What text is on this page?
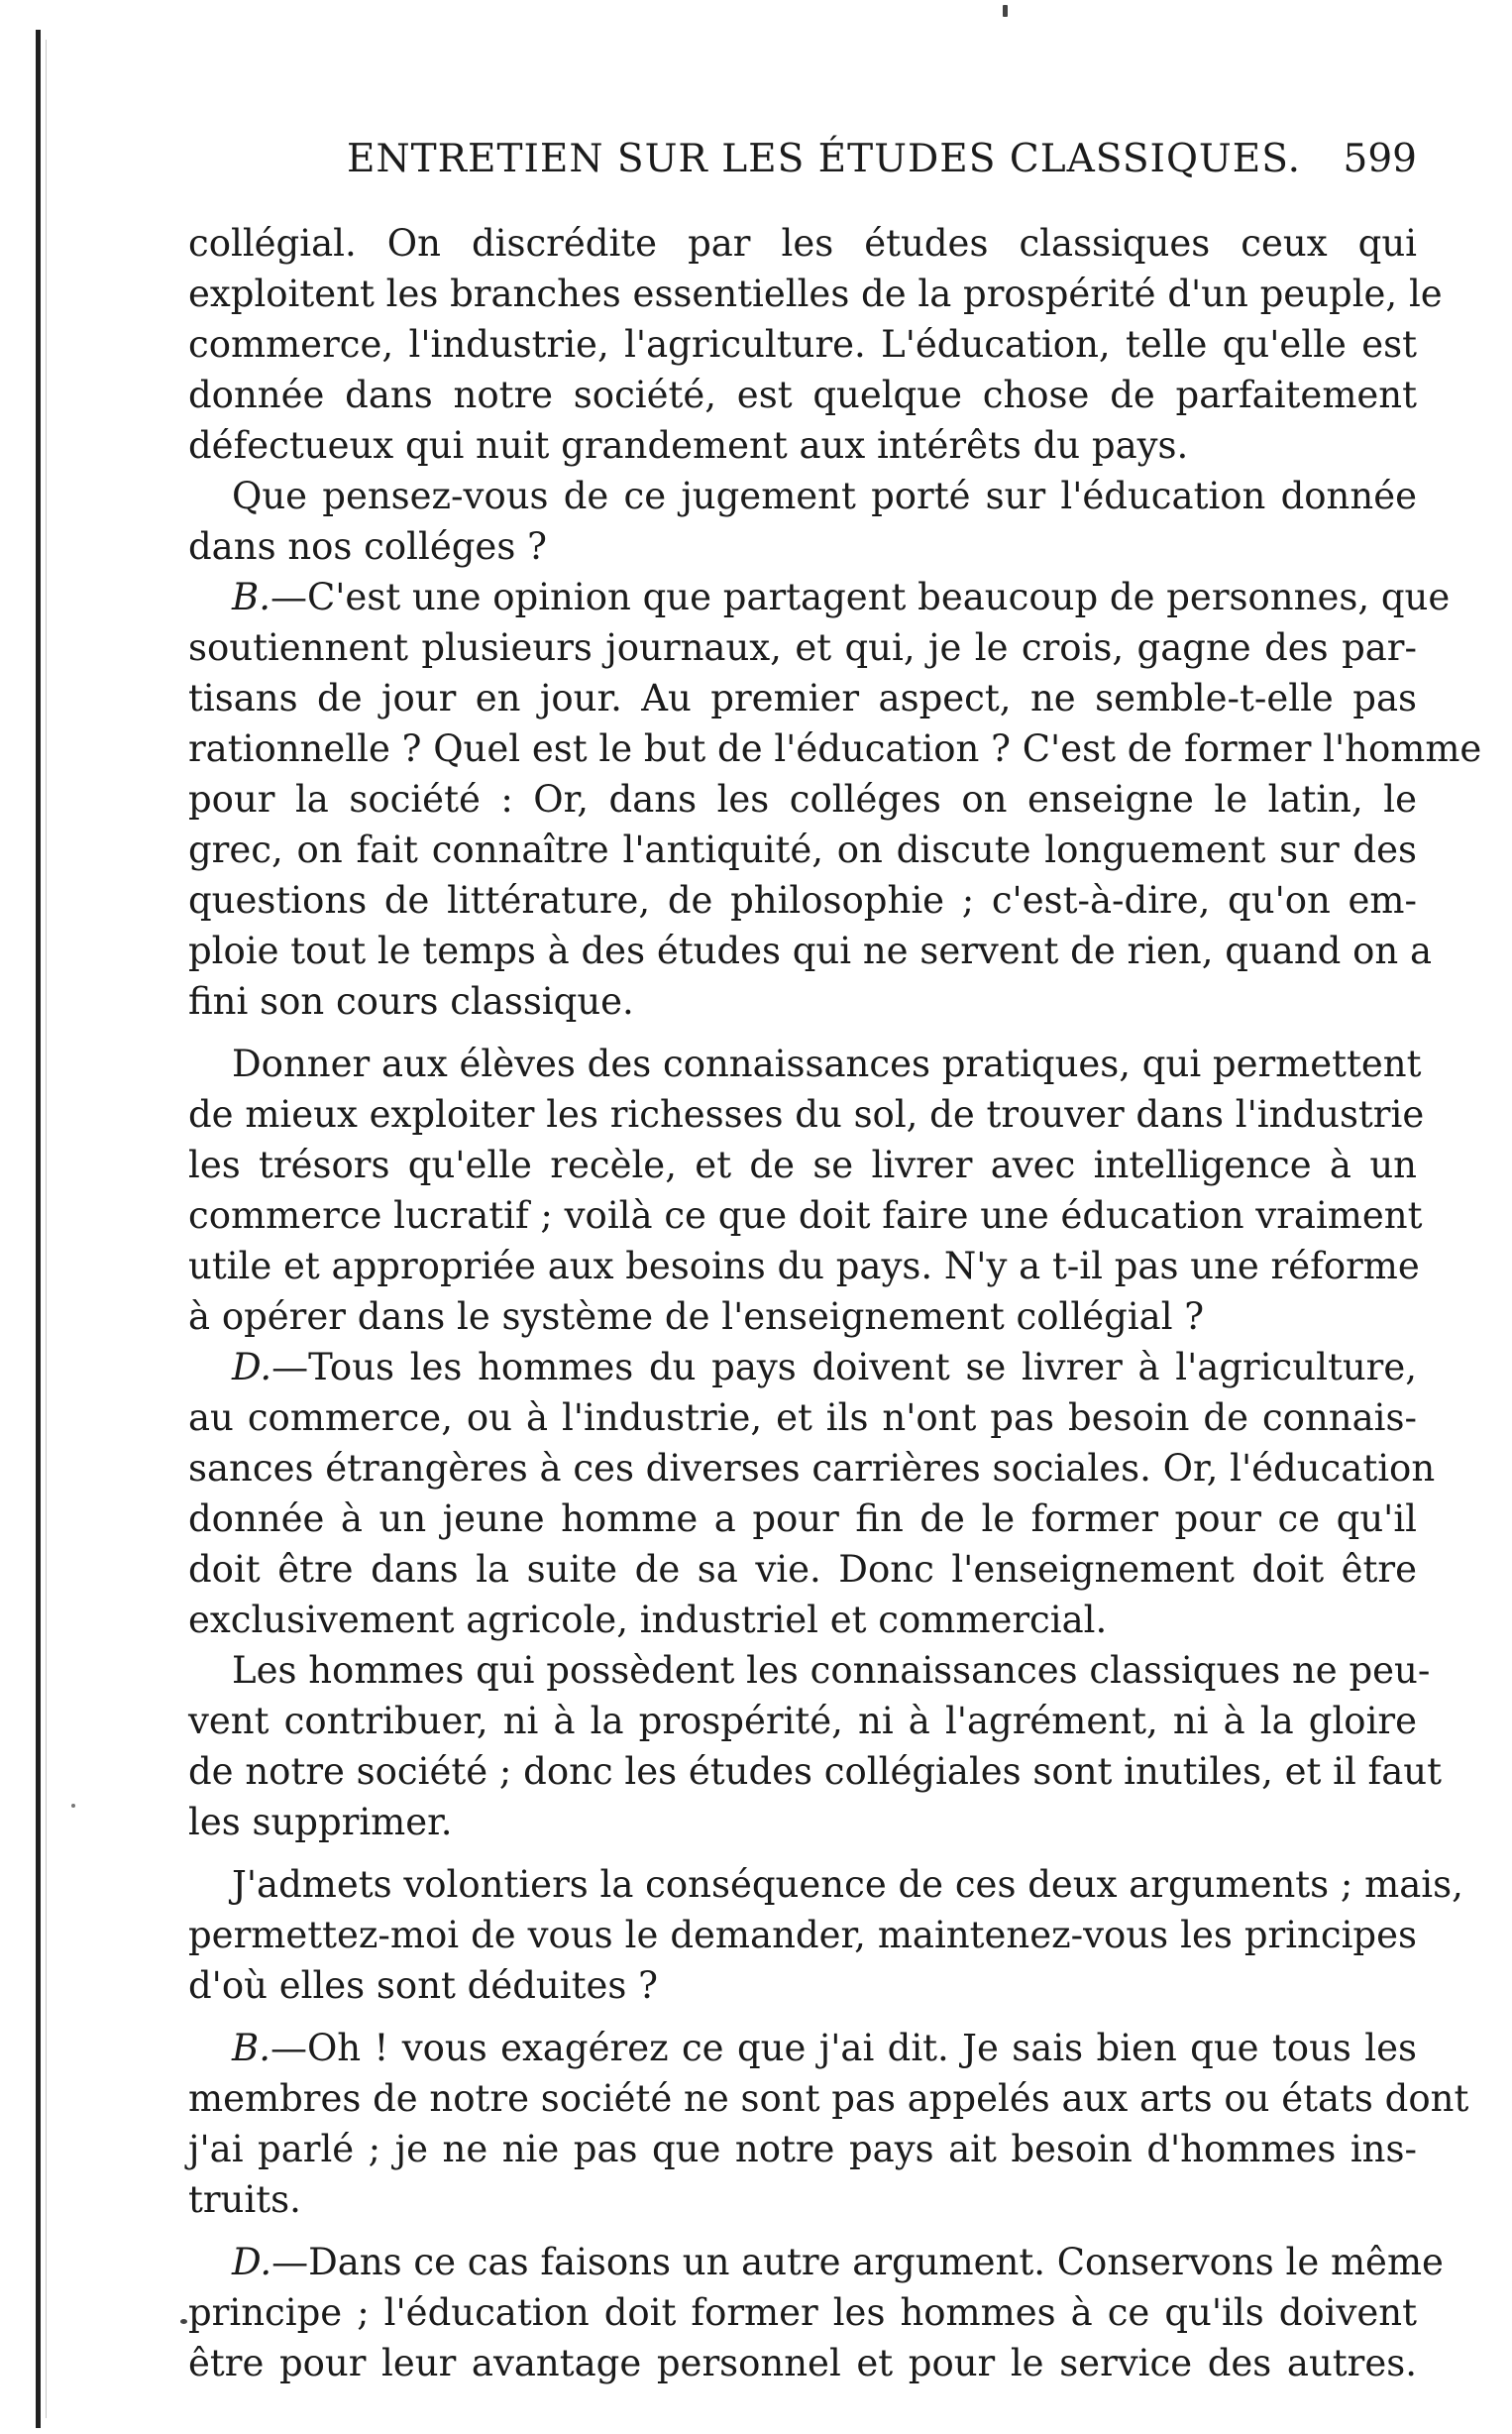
ENTRETIEN SUR LES ÉTUDES CLASSIQUES. 599
collégial. On discrédite par les études classiques ceux qui
exploitent les branches essentielles de la prospérité d'un peuple, le
commerce, l'industrie, l'agriculture. L'éducation, telle qu'elle est
donnée dans notre société, est quelque chose de parfaitement
défectueux qui nuit grandement aux intérêts du pays.
Que pensez-vous de ce jugement porté sur l'éducation donnée
dans nos colléges ?
B.—C'est une opinion que partagent beaucoup de personnes, que
soutiennent plusieurs journaux, et qui, je le crois, gagne des par-
tisans de jour en jour. Au premier aspect, ne semble-t-elle pas
rationnelle ? Quel est le but de l'éducation ? C'est de former l'homme
pour la société : Or, dans les colléges on enseigne le latin, le
grec, on fait connaître l'antiquité, on discute longuement sur des
questions de littérature, de philosophie ; c'est-à-dire, qu'on em-
ploie tout le temps à des études qui ne servent de rien, quand on a
fini son cours classique.
Donner aux élèves des connaissances pratiques, qui permettent
de mieux exploiter les richesses du sol, de trouver dans l'industrie
les trésors qu'elle recèle, et de se livrer avec intelligence à un
commerce lucratif ; voilà ce que doit faire une éducation vraiment
utile et appropriée aux besoins du pays. N'y a t-il pas une réforme
à opérer dans le système de l'enseignement collégial ?
D.—Tous les hommes du pays doivent se livrer à l'agriculture,
au commerce, ou à l'industrie, et ils n'ont pas besoin de connais-
sances étrangères à ces diverses carrières sociales. Or, l'éducation
donnée à un jeune homme a pour fin de le former pour ce qu'il
doit être dans la suite de sa vie. Donc l'enseignement doit être
exclusivement agricole, industriel et commercial.
Les hommes qui possèdent les connaissances classiques ne peu-
vent contribuer, ni à la prospérité, ni à l'agrément, ni à la gloire
de notre société ; donc les études collégiales sont inutiles, et il faut
les supprimer.
J'admets volontiers la conséquence de ces deux arguments ; mais,
permettez-moi de vous le demander, maintenez-vous les principes
d'où elles sont déduites ?
B.—Oh ! vous exagérez ce que j'ai dit. Je sais bien que tous les
membres de notre société ne sont pas appelés aux arts ou états dont
j'ai parlé ; je ne nie pas que notre pays ait besoin d'hommes ins-
truits.
D.—Dans ce cas faisons un autre argument. Conservons le même
principe ; l'éducation doit former les hommes à ce qu'ils doivent
être pour leur avantage personnel et pour le service des autres.
